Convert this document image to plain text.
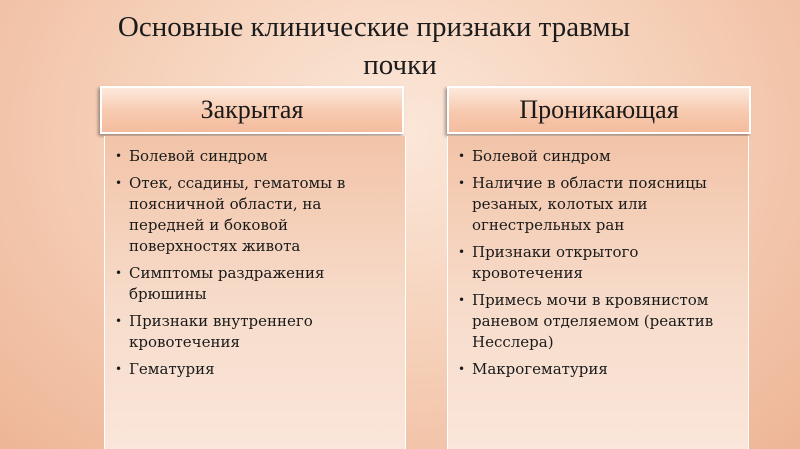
Основные клинические признаки травмы
почки
Закрытая	Проникающая
• Болевой синдром
• Отек, ссадины, гематомы в поясничной области, на передней и боковой поверхностях живота
• Симптомы раздражения брюшины
• Признаки внутреннего кровотечения
• Гематурия
• Болевой синдром
• Наличие в области поясницы резаных, колотых или огнестрельных ран
• Признаки открытого кровотечения
• Примесь мочи в кровянистом раневом отделяемом (реактив Несслера)
• Макрогематурия
